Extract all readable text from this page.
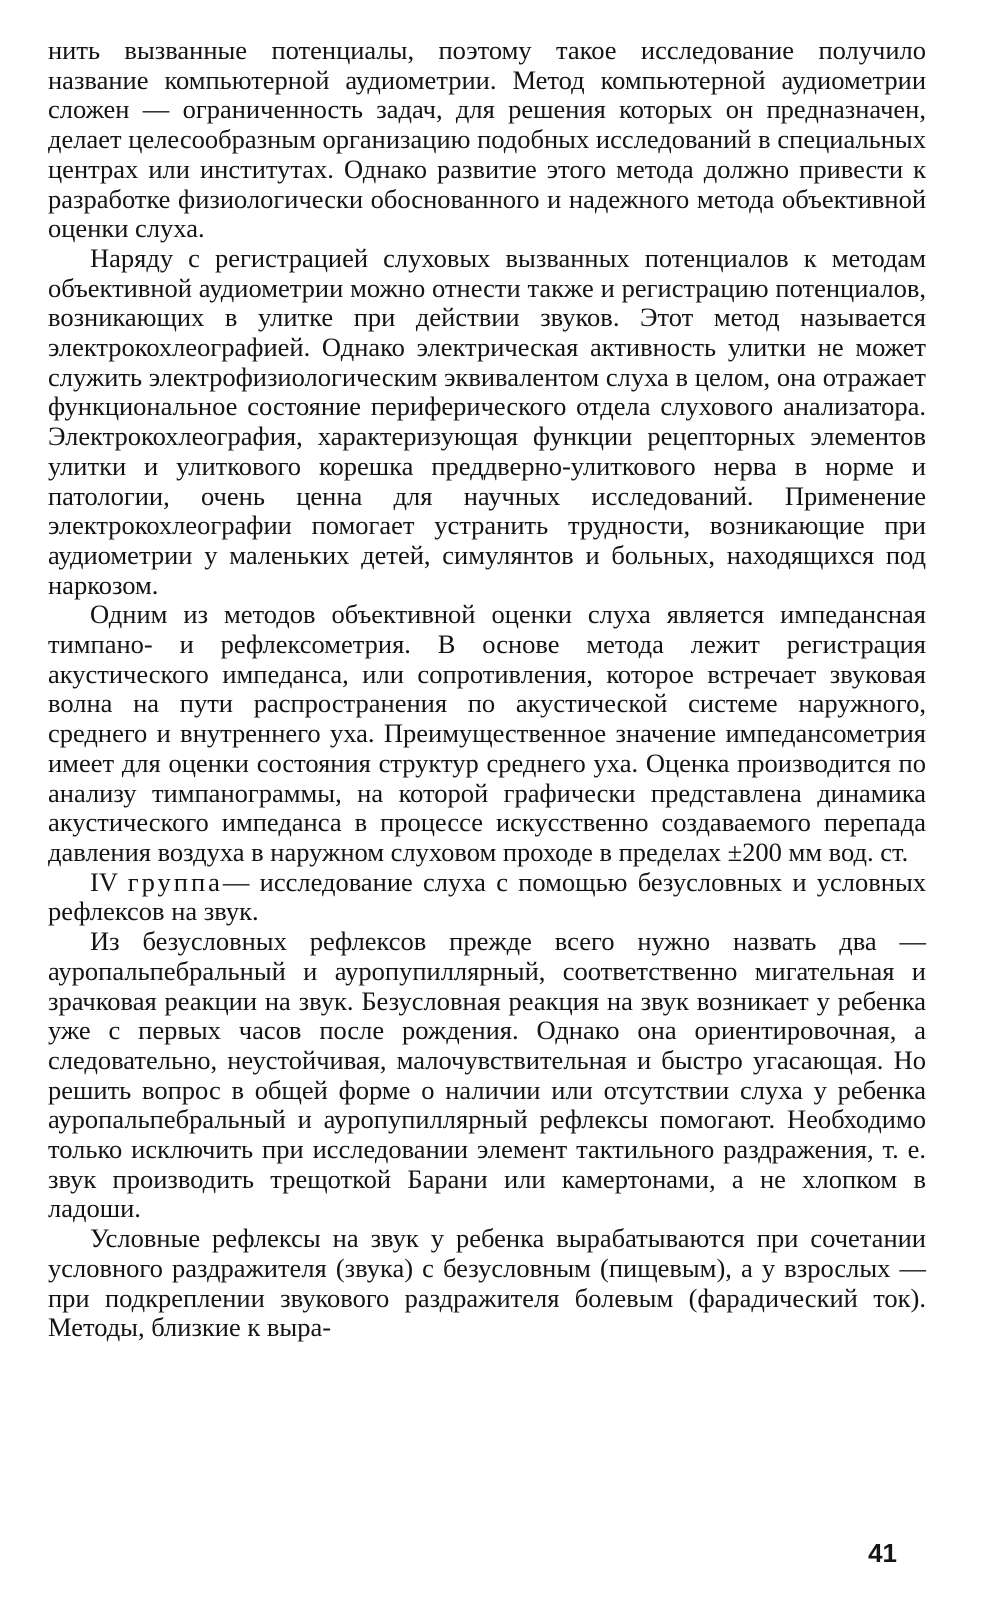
нить вызванные потенциалы, поэтому такое исследование получило название компьютерной аудиометрии. Метод компьютерной аудиометрии сложен — ограниченность задач, для решения которых он предназначен, делает целесообразным организацию подобных исследований в специальных центрах или институтах. Однако развитие этого метода должно привести к разработке физиологически обоснованного и надежного метода объективной оценки слуха.

Наряду с регистрацией слуховых вызванных потенциалов к методам объективной аудиометрии можно отнести также и регистрацию потенциалов, возникающих в улитке при действии звуков. Этот метод называется электрокохлеографией. Однако электрическая активность улитки не может служить электрофизиологическим эквивалентом слуха в целом, она отражает функциональное состояние периферического отдела слухового анализатора. Электрокохлеография, характеризующая функции рецепторных элементов улитки и улиткового корешка преддверно-улиткового нерва в норме и патологии, очень ценна для научных исследований. Применение электрокохлеографии помогает устранить трудности, возникающие при аудиометрии у маленьких детей, симулянтов и больных, находящихся под наркозом.

Одним из методов объективной оценки слуха является импедансная тимпано- и рефлексометрия. В основе метода лежит регистрация акустического импеданса, или сопротивления, которое встречает звуковая волна на пути распространения по акустической системе наружного, среднего и внутреннего уха. Преимущественное значение импедансометрия имеет для оценки состояния структур среднего уха. Оценка производится по анализу тимпанограммы, на которой графически представлена динамика акустического импеданса в процессе искусственно создаваемого перепада давления воздуха в наружном слуховом проходе в пределах ±200 мм вод. ст.

IV группа— исследование слуха с помощью безусловных и условных рефлексов на звук.

Из безусловных рефлексов прежде всего нужно назвать два — ауропальпебральный и ауропупиллярный, соответственно мигательная и зрачковая реакции на звук. Безусловная реакция на звук возникает у ребенка уже с первых часов после рождения. Однако она ориентировочная, а следовательно, неустойчивая, малочувствительная и быстро угасающая. Но решить вопрос в общей форме о наличии или отсутствии слуха у ребенка ауропальпебральный и ауропупиллярный рефлексы помогают. Необходимо только исключить при исследовании элемент тактильного раздражения, т. е. звук производить трещоткой Барани или камертонами, а не хлопком в ладоши.

Условные рефлексы на звук у ребенка вырабатываются при сочетании условного раздражителя (звука) с безусловным (пищевым), а у взрослых — при подкреплении звукового раздражителя болевым (фарадический ток). Методы, близкие к выра-

41
